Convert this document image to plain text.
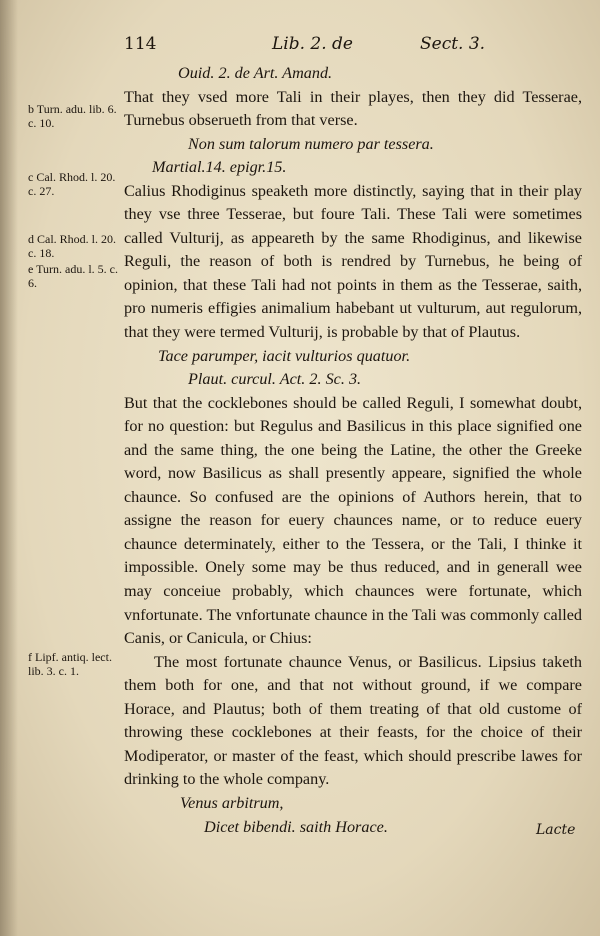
114	Lib. 2. de	Sect. 3.

Ouid. 2. de Art. Amand.

That they vsed more Tali in their playes, then they did Tesserae, Turnebus obserueth from that verse.

Non sum talorum numero par tessera.

Martial.14. epigr.15.

Calius Rhodiginus speaketh more distinctly, saying that in their play they vse three Tesserae, but foure Tali. These Tali were sometimes called Vulturij, as appeareth by the same Rhodiginus, and likewise Reguli, the reason of both is rendred by Turnebus, he being of opinion, that these Tali had not points in them as the Tesserae, saith, pro numeris effigies animalium habebant ut vulturum, aut regulorum, that they were termed Vulturij, is probable by that of Plautus.

Tace parumper, iacit vulturios quatuor.

Plaut. curcul. Act. 2. Sc. 3.

But that the cocklebones should be called Reguli, I somewhat doubt, for no question: but Regulus and Basilicus in this place signified one and the same thing, the one being the Latine, the other the Greeke word, now Basilicus as shall presently appeare, signified the whole chaunce. So confused are the opinions of Authors herein, that to assigne the reason for euery chaunces name, or to reduce euery chaunce determinately, either to the Tessera, or the Tali, I thinke it impossible. Onely some may be thus reduced, and in generall wee may conceiue probably, which chaunces were fortunate, which vnfortunate. The vnfortunate chaunce in the Tali was commonly called Canis, or Canicula, or Chius:

The most fortunate chaunce Venus, or Basilicus. Lipsius taketh them both for one, and that not without ground, if we compare Horace, and Plautus; both of them treating of that old custome of throwing these cocklebones at their feasts, for the choice of their Modiperator, or master of the feast, which should prescribe lawes for drinking to the whole company.

Venus arbitrum,

Dicet bibendi. saith Horace.

b Turn. adu. lib. 6. c. 10.
c Cal. Rhod. l. 20. c. 27.
d Cal. Rhod. l. 20. c. 18.
e Turn. adu. l. 5. c. 6.
f Lipf. antiq. lect. lib. 3. c. 1.
Lacte
